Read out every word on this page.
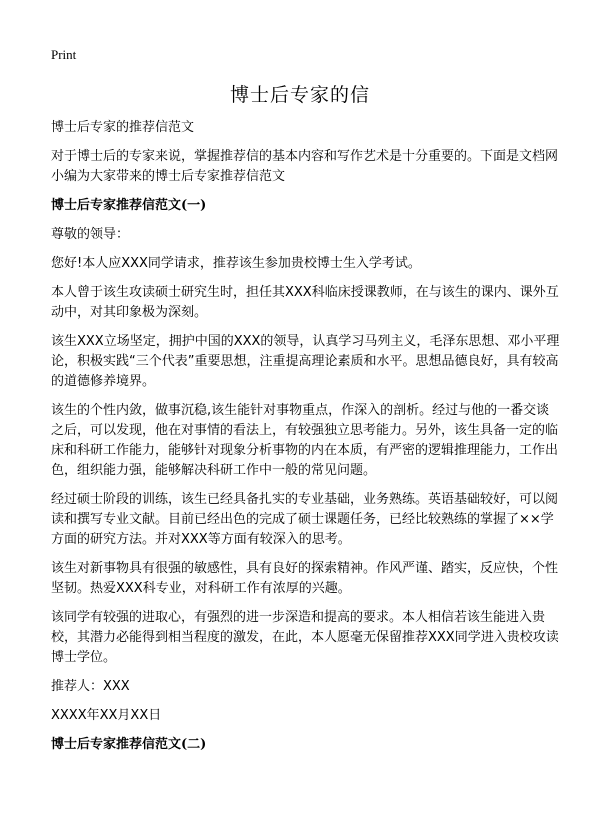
Print
博士后专家的信

博士后专家的推荐信范文

对于博士后的专家来说，掌握推荐信的基本内容和写作艺术是十分重要的。下面是文档网小编为大家带来的博士后专家推荐信范文

博士后专家推荐信范文(一)

尊敬的领导：

您好!本人应XXX同学请求，推荐该生参加贵校博士生入学考试。

本人曾于该生攻读硕士研究生时，担任其XXX科临床授课教师，在与该生的课内、课外互动中，对其印象极为深刻。

该生XXX立场坚定，拥护中国的XXX的领导，认真学习马列主义，毛泽东思想、邓小平理论，积极实践“三个代表”重要思想，注重提高理论素质和水平。思想品德良好，具有较高的道德修养境界。

该生的个性内敛，做事沉稳,该生能针对事物重点，作深入的剖析。经过与他的一番交谈之后，可以发现，他在对事情的看法上，有较强独立思考能力。另外，该生具备一定的临床和科研工作能力，能够针对现象分析事物的内在本质，有严密的逻辑推理能力，工作出色，组织能力强，能够解决科研工作中一般的常见问题。

经过硕士阶段的训练，该生已经具备扎实的专业基础，业务熟练。英语基础较好，可以阅读和撰写专业文献。目前已经出色的完成了硕士课题任务，已经比较熟练的掌握了××学方面的研究方法。并对XXX等方面有较深入的思考。

该生对新事物具有很强的敏感性，具有良好的探索精神。作风严谨、踏实，反应快，个性坚韧。热爱XXX科专业，对科研工作有浓厚的兴趣。

该同学有较强的进取心，有强烈的进一步深造和提高的要求。本人相信若该生能进入贵校，其潜力必能得到相当程度的激发，在此，本人愿毫无保留推荐XXX同学进入贵校攻读博士学位。

推荐人：XXX

XXXX年XX月XX日

博士后专家推荐信范文(二)
